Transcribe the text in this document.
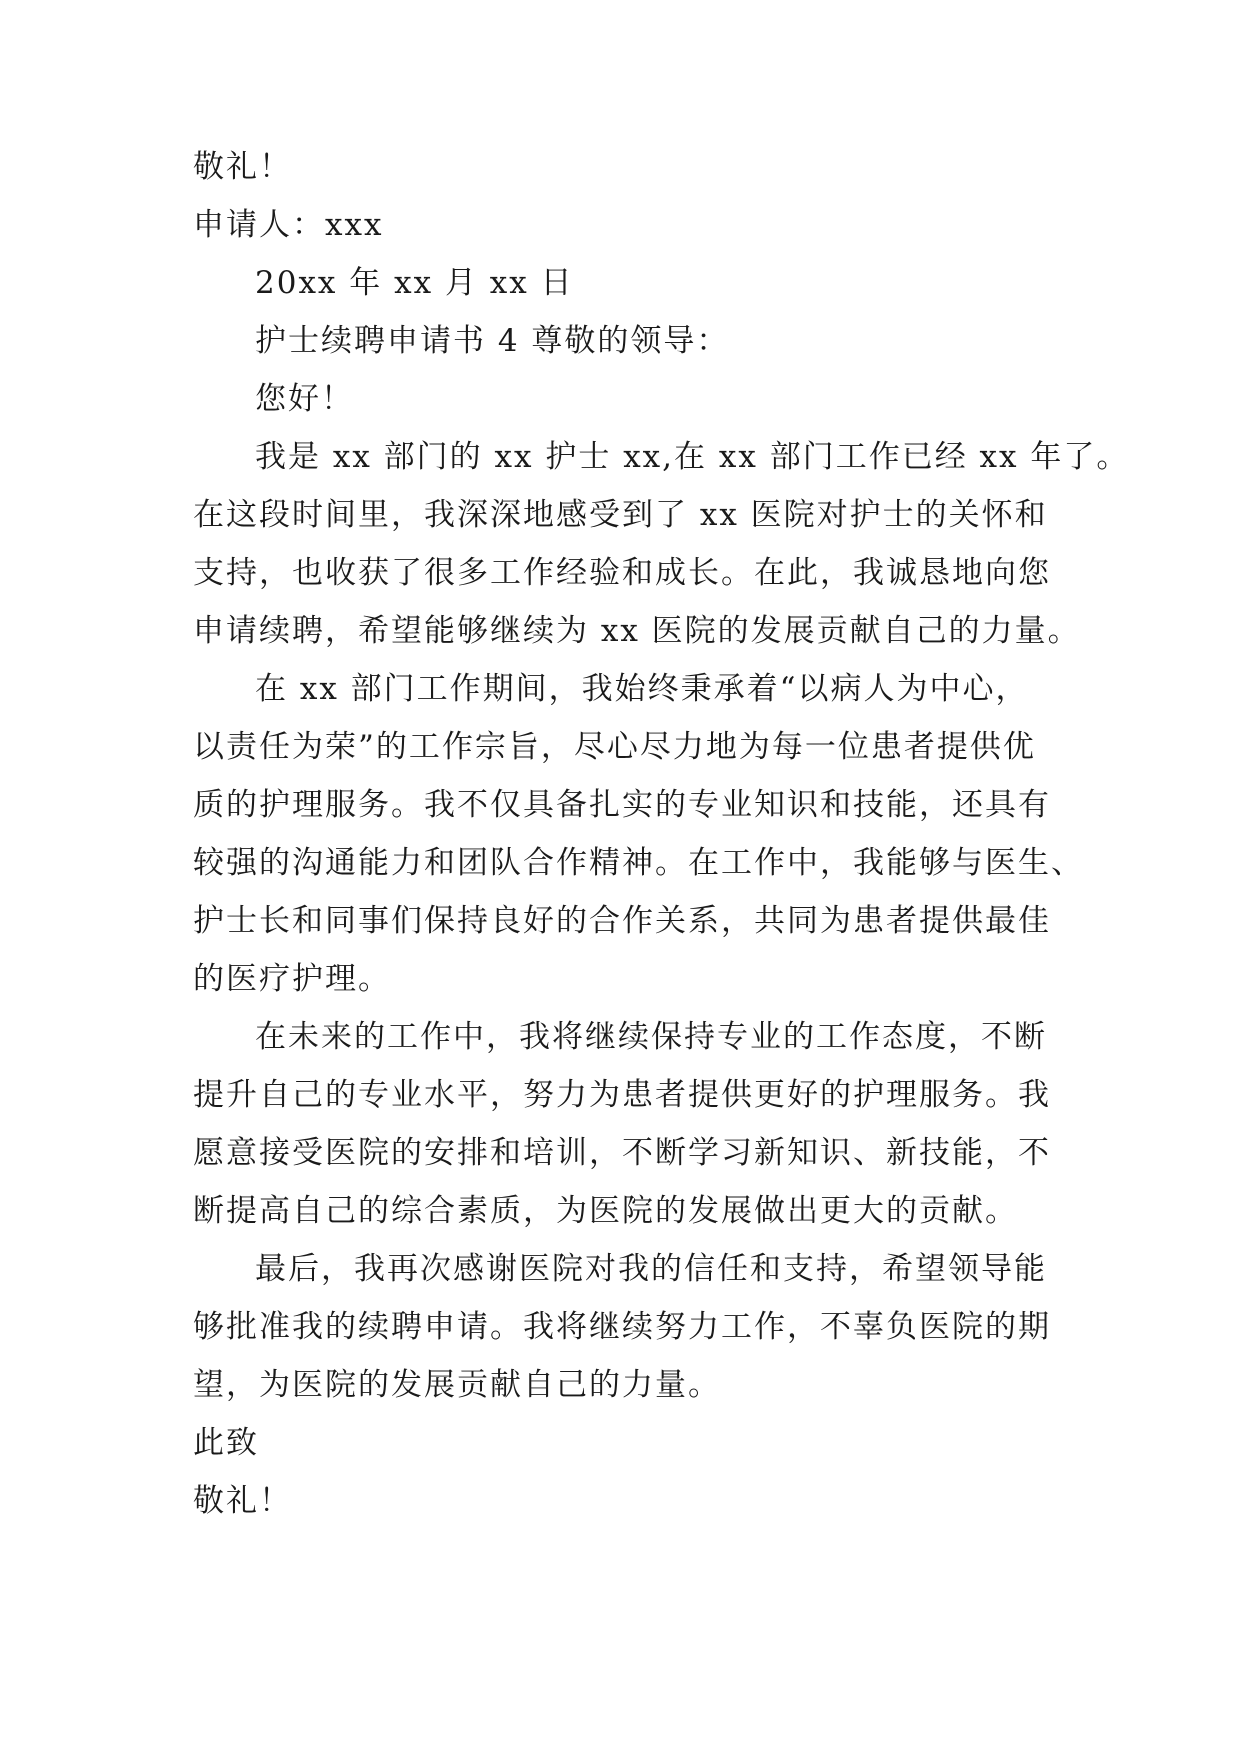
敬礼！
申请人：xxx
20xx 年 xx 月 xx 日
护士续聘申请书 4 尊敬的领导：
您好！
我是 xx 部门的 xx 护士 xx,在 xx 部门工作已经 xx 年了。
在这段时间里，我深深地感受到了 xx 医院对护士的关怀和
支持，也收获了很多工作经验和成长。在此，我诚恳地向您
申请续聘，希望能够继续为 xx 医院的发展贡献自己的力量。
在 xx 部门工作期间，我始终秉承着“以病人为中心，
以责任为荣”的工作宗旨，尽心尽力地为每一位患者提供优
质的护理服务。我不仅具备扎实的专业知识和技能，还具有
较强的沟通能力和团队合作精神。在工作中，我能够与医生、
护士长和同事们保持良好的合作关系，共同为患者提供最佳
的医疗护理。
在未来的工作中，我将继续保持专业的工作态度，不断
提升自己的专业水平，努力为患者提供更好的护理服务。我
愿意接受医院的安排和培训，不断学习新知识、新技能，不
断提高自己的综合素质，为医院的发展做出更大的贡献。
最后，我再次感谢医院对我的信任和支持，希望领导能
够批准我的续聘申请。我将继续努力工作，不辜负医院的期
望，为医院的发展贡献自己的力量。
此致
敬礼！
